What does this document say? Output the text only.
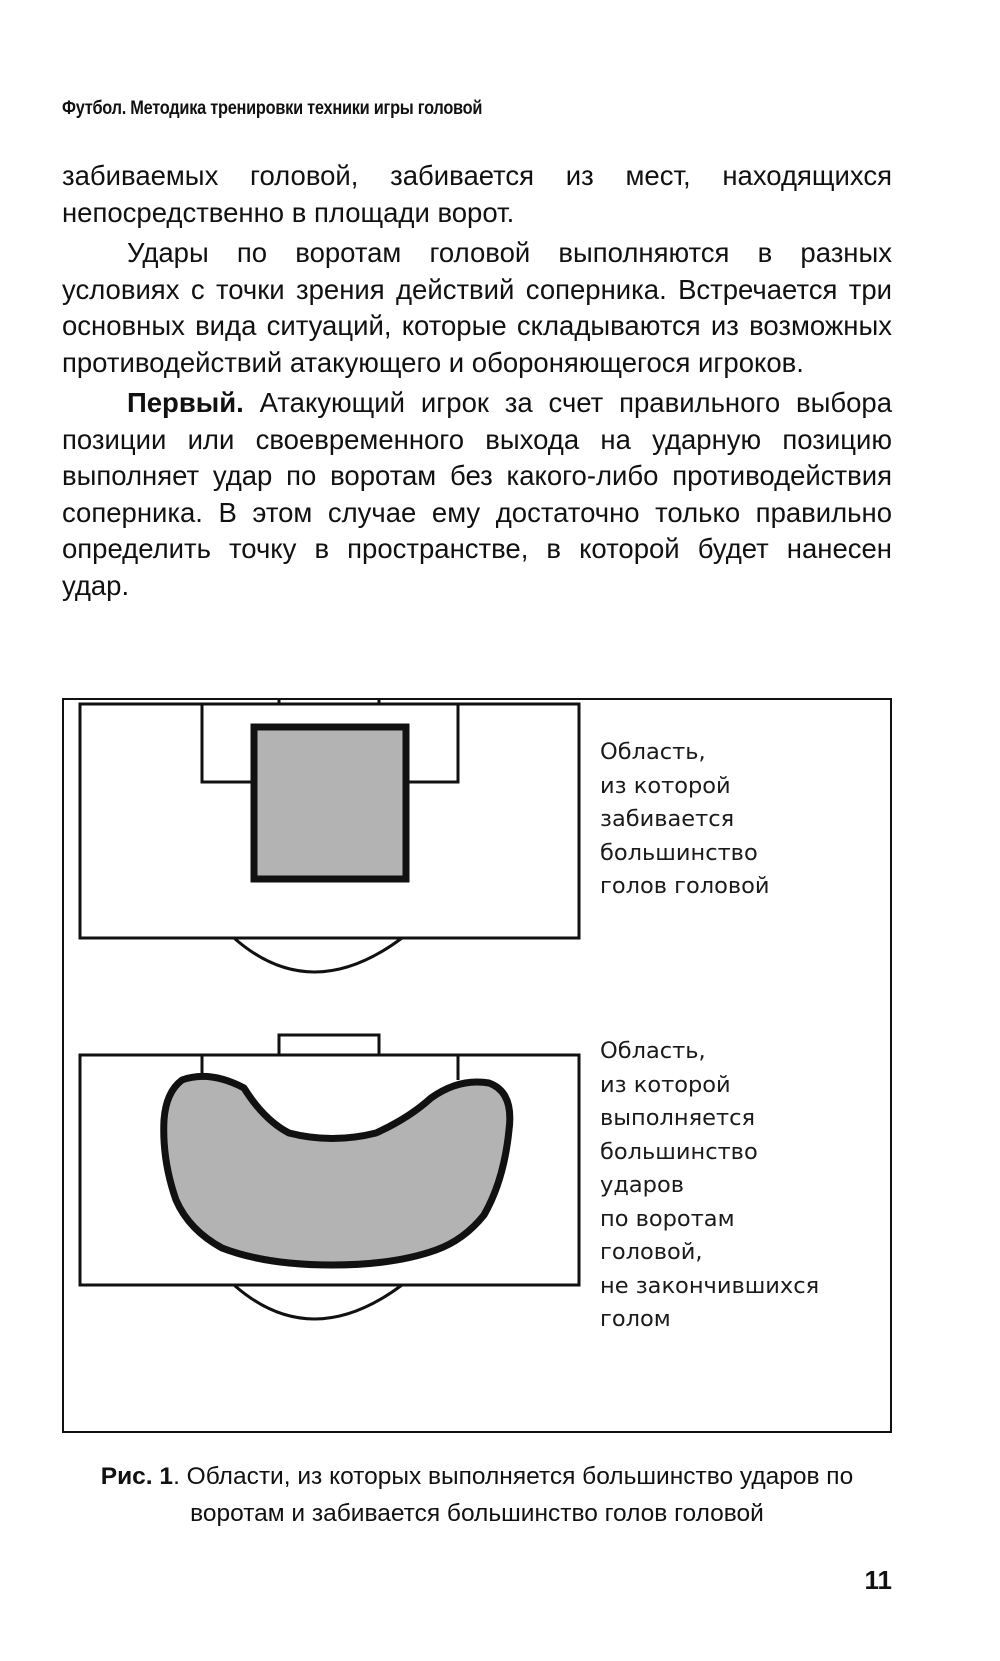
Футбол. Методика тренировки техники игры головой

забиваемых головой, забивается из мест, находящихся непосредственно в площади ворот.

Удары по воротам головой выполняются в разных условиях с точки зрения действий соперника. Встречается три основных вида ситуаций, которые складываются из возможных противодействий атакующего и обороняющегося игроков.

Первый. Атакующий игрок за счет правильного выбора позиции или своевременного выхода на ударную позицию выполняет удар по воротам без какого-либо противодействия соперника. В этом случае ему достаточно только правильно определить точку в пространстве, в которой будет нанесен удар.

Область,
из которой
забивается
большинство
голов головой
Область,
из которой
выполняется
большинство
ударов
по воротам
головой,
не закончившихся
голом
Рис. 1. Области, из которых выполняется большинство ударов по воротам и забивается большинство голов головой
11
